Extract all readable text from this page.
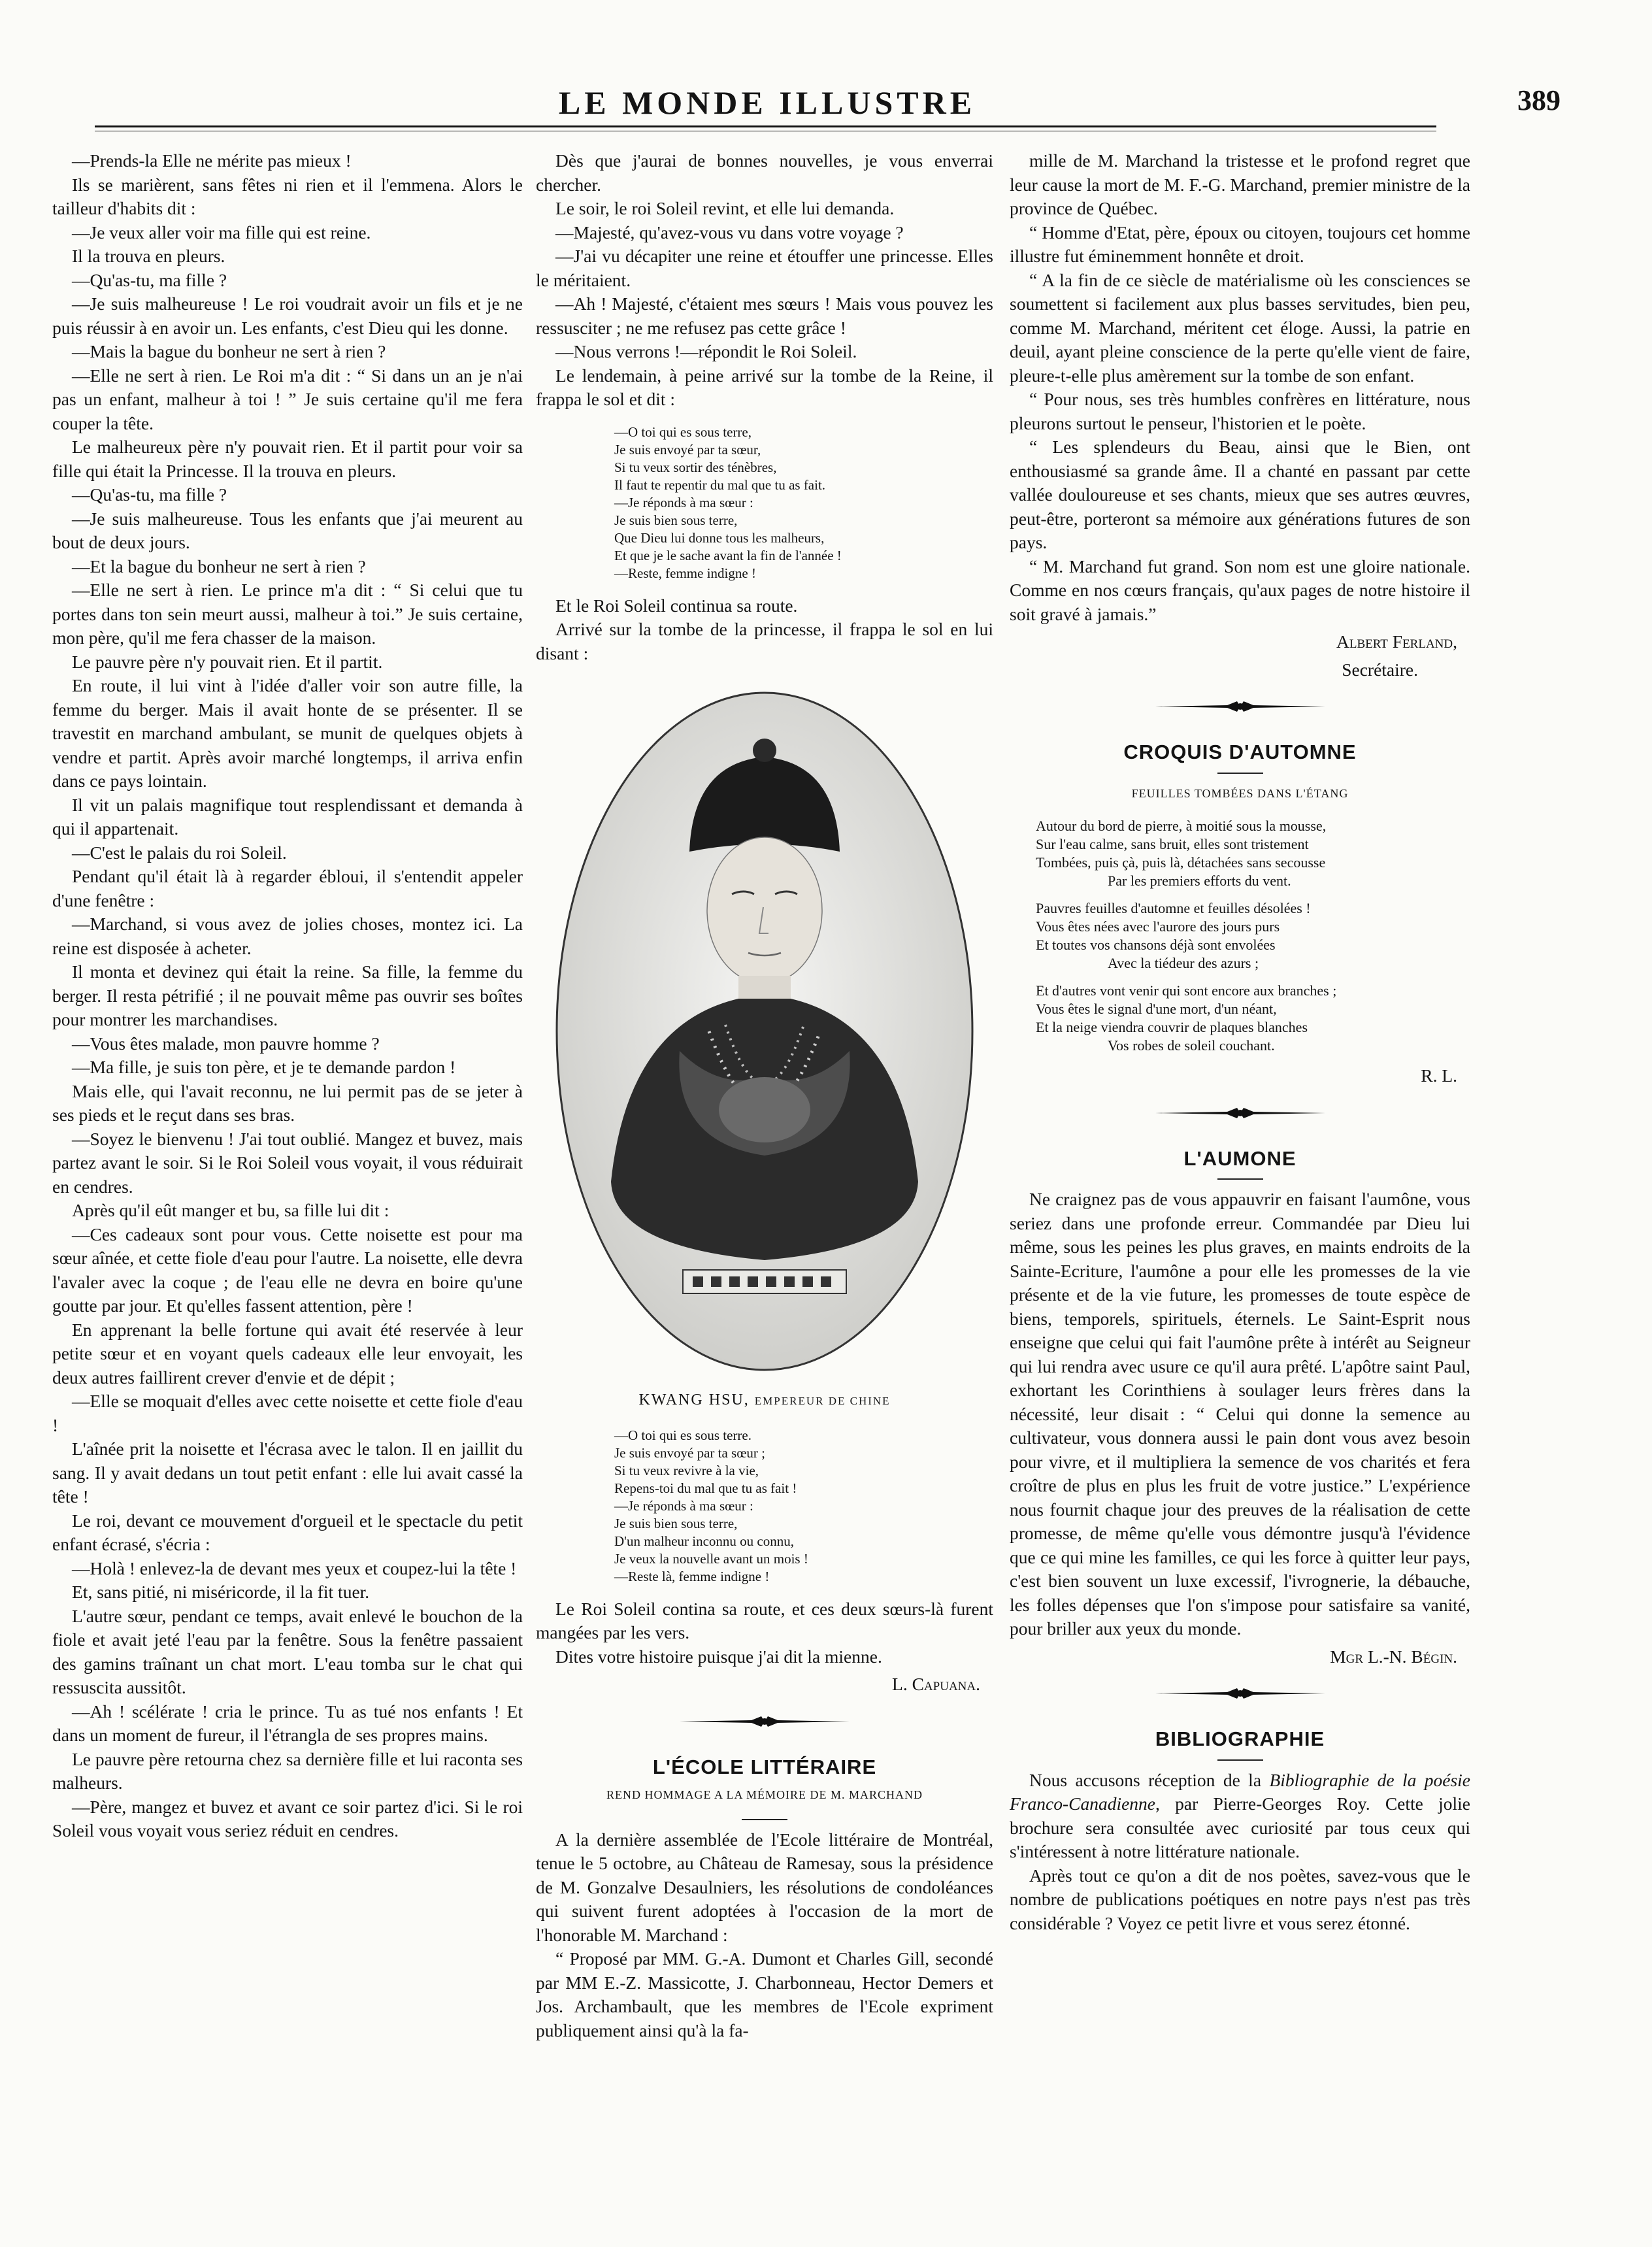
LE MONDE ILLUSTRE	389

—Prends-la Elle ne mérite pas mieux !

Ils se marièrent, sans fêtes ni rien et il l'emmena. Alors le tailleur d'habits dit :

—Je veux aller voir ma fille qui est reine.

Il la trouva en pleurs.

—Qu'as-tu, ma fille ?

—Je suis malheureuse ! Le roi voudrait avoir un fils et je ne puis réussir à en avoir un. Les enfants, c'est Dieu qui les donne.

—Mais la bague du bonheur ne sert à rien ?

—Elle ne sert à rien. Le Roi m'a dit : “ Si dans un an je n'ai pas un enfant, malheur à toi ! ” Je suis certaine qu'il me fera couper la tête.

Le malheureux père n'y pouvait rien. Et il partit pour voir sa fille qui était la Princesse. Il la trouva en pleurs.

—Qu'as-tu, ma fille ?

—Je suis malheureuse. Tous les enfants que j'ai meurent au bout de deux jours.

—Et la bague du bonheur ne sert à rien ?

—Elle ne sert à rien. Le prince m'a dit : “ Si celui que tu portes dans ton sein meurt aussi, malheur à toi.” Je suis certaine, mon père, qu'il me fera chasser de la maison.

Le pauvre père n'y pouvait rien. Et il partit.

En route, il lui vint à l'idée d'aller voir son autre fille, la femme du berger. Mais il avait honte de se présenter. Il se travestit en marchand ambulant, se munit de quelques objets à vendre et partit. Après avoir marché longtemps, il arriva enfin dans ce pays lointain.

Il vit un palais magnifique tout resplendissant et demanda à qui il appartenait.

—C'est le palais du roi Soleil.

Pendant qu'il était là à regarder ébloui, il s'entendit appeler d'une fenêtre :

—Marchand, si vous avez de jolies choses, montez ici. La reine est disposée à acheter.

Il monta et devinez qui était la reine. Sa fille, la femme du berger. Il resta pétrifié ; il ne pouvait même pas ouvrir ses boîtes pour montrer les marchandises.

—Vous êtes malade, mon pauvre homme ?

—Ma fille, je suis ton père, et je te demande pardon !

Mais elle, qui l'avait reconnu, ne lui permit pas de se jeter à ses pieds et le reçut dans ses bras.

—Soyez le bienvenu ! J'ai tout oublié. Mangez et buvez, mais partez avant le soir. Si le Roi Soleil vous voyait, il vous réduirait en cendres.

Après qu'il eût manger et bu, sa fille lui dit :

—Ces cadeaux sont pour vous. Cette noisette est pour ma sœur aînée, et cette fiole d'eau pour l'autre. La noisette, elle devra l'avaler avec la coque ; de l'eau elle ne devra en boire qu'une goutte par jour. Et qu'elles fassent attention, père !

En apprenant la belle fortune qui avait été reservée à leur petite sœur et en voyant quels cadeaux elle leur envoyait, les deux autres faillirent crever d'envie et de dépit ;

—Elle se moquait d'elles avec cette noisette et cette fiole d'eau !

L'aînée prit la noisette et l'écrasa avec le talon. Il en jaillit du sang. Il y avait dedans un tout petit enfant : elle lui avait cassé la tête !

Le roi, devant ce mouvement d'orgueil et le spectacle du petit enfant écrasé, s'écria :

—Holà ! enlevez-la de devant mes yeux et coupez-lui la tête !

Et, sans pitié, ni miséricorde, il la fit tuer.

L'autre sœur, pendant ce temps, avait enlevé le bouchon de la fiole et avait jeté l'eau par la fenêtre. Sous la fenêtre passaient des gamins traînant un chat mort. L'eau tomba sur le chat qui ressuscita aussitôt.

—Ah ! scélérate ! cria le prince. Tu as tué nos enfants ! Et dans un moment de fureur, il l'étrangla de ses propres mains.

Le pauvre père retourna chez sa dernière fille et lui raconta ses malheurs.

—Père, mangez et buvez et avant ce soir partez d'ici. Si le roi Soleil vous voyait vous seriez réduit en cendres.

Dès que j'aurai de bonnes nouvelles, je vous enverrai chercher.

Le soir, le roi Soleil revint, et elle lui demanda.

—Majesté, qu'avez-vous vu dans votre voyage ?

—J'ai vu décapiter une reine et étouffer une princesse. Elles le méritaient.

—Ah ! Majesté, c'étaient mes sœurs ! Mais vous pouvez les ressusciter ; ne me refusez pas cette grâce !

—Nous verrons !—répondit le Roi Soleil.

Le lendemain, à peine arrivé sur la tombe de la Reine, il frappa le sol et dit :

—O toi qui es sous terre,
Je suis envoyé par ta sœur,
Si tu veux sortir des ténèbres,
Il faut te repentir du mal que tu as fait.
—Je réponds à ma sœur :
Je suis bien sous terre,
Que Dieu lui donne tous les malheurs,
Et que je le sache avant la fin de l'année !
—Reste, femme indigne !

Et le Roi Soleil continua sa route.

Arrivé sur la tombe de la princesse, il frappa le sol en lui disant :

KWANG HSU, EMPEREUR DE CHINE
—O toi qui es sous terre.
Je suis envoyé par ta sœur ;
Si tu veux revivre à la vie,
Repens-toi du mal que tu as fait !
—Je réponds à ma sœur :
Je suis bien sous terre,
D'un malheur inconnu ou connu,
Je veux la nouvelle avant un mois !
—Reste là, femme indigne !

Le Roi Soleil contina sa route, et ces deux sœurs-là furent mangées par les vers.

Dites votre histoire puisque j'ai dit la mienne.

L. Capuana.
L'ÉCOLE LITTÉRAIRE
REND HOMMAGE A LA MÉMOIRE DE M. MARCHAND

A la dernière assemblée de l'Ecole littéraire de Montréal, tenue le 5 octobre, au Château de Ramesay, sous la présidence de M. Gonzalve Desaulniers, les résolutions de condoléances qui suivent furent adoptées à l'occasion de la mort de l'honorable M. Marchand :

“ Proposé par MM. G.-A. Dumont et Charles Gill, secondé par MM E.-Z. Massicotte, J. Charbonneau, Hector Demers et Jos. Archambault, que les membres de l'Ecole expriment publiquement ainsi qu'à la fa-

mille de M. Marchand la tristesse et le profond regret que leur cause la mort de M. F.-G. Marchand, premier ministre de la province de Québec.

“ Homme d'Etat, père, époux ou citoyen, toujours cet homme illustre fut éminemment honnête et droit.

“ A la fin de ce siècle de matérialisme où les consciences se soumettent si facilement aux plus basses servitudes, bien peu, comme M. Marchand, méritent cet éloge. Aussi, la patrie en deuil, ayant pleine conscience de la perte qu'elle vient de faire, pleure-t-elle plus amèrement sur la tombe de son enfant.

“ Pour nous, ses très humbles confrères en littérature, nous pleurons surtout le penseur, l'historien et le poète.

“ Les splendeurs du Beau, ainsi que le Bien, ont enthousiasmé sa grande âme. Il a chanté en passant par cette vallée douloureuse et ses chants, mieux que ses autres œuvres, peut-être, porteront sa mémoire aux générations futures de son pays.

“ M. Marchand fut grand. Son nom est une gloire nationale. Comme en nos cœurs français, qu'aux pages de notre histoire il soit gravé à jamais.”

Albert Ferland,
Secrétaire.
CROQUIS D'AUTOMNE
FEUILLES TOMBÉES DANS L'ÉTANG
Autour du bord de pierre, à moitié sous la mousse,
Sur l'eau calme, sans bruit, elles sont tristement
Tombées, puis çà, puis là, détachées sans secousse
Par les premiers efforts du vent.
Pauvres feuilles d'automne et feuilles désolées !
Vous êtes nées avec l'aurore des jours purs
Et toutes vos chansons déjà sont envolées
Avec la tiédeur des azurs ;
Et d'autres vont venir qui sont encore aux branches ;
Vous êtes le signal d'une mort, d'un néant,
Et la neige viendra couvrir de plaques blanches
Vos robes de soleil couchant.
R. L.
L'AUMONE

Ne craignez pas de vous appauvrir en faisant l'aumône, vous seriez dans une profonde erreur. Commandée par Dieu lui même, sous les peines les plus graves, en maints endroits de la Sainte-Ecriture, l'aumône a pour elle les promesses de la vie présente et de la vie future, les promesses de toute espèce de biens, temporels, spirituels, éternels. Le Saint-Esprit nous enseigne que celui qui fait l'aumône prête à intérêt au Seigneur qui lui rendra avec usure ce qu'il aura prêté. L'apôtre saint Paul, exhortant les Corinthiens à soulager leurs frères dans la nécessité, leur disait : “ Celui qui donne la semence au cultivateur, vous donnera aussi le pain dont vous avez besoin pour vivre, et il multipliera la semence de vos charités et fera croître de plus en plus les fruit de votre justice.” L'expérience nous fournit chaque jour des preuves de la réalisation de cette promesse, de même qu'elle vous démontre jusqu'à l'évidence que ce qui mine les familles, ce qui les force à quitter leur pays, c'est bien souvent un luxe excessif, l'ivrognerie, la débauche, les folles dépenses que l'on s'impose pour satisfaire sa vanité, pour briller aux yeux du monde.

Mgr L.-N. Bégin.
BIBLIOGRAPHIE

Nous accusons réception de la Bibliographie de la poésie Franco-Canadienne, par Pierre-Georges Roy. Cette jolie brochure sera consultée avec curiosité par tous ceux qui s'intéressent à notre littérature nationale.

Après tout ce qu'on a dit de nos poètes, savez-vous que le nombre de publications poétiques en notre pays n'est pas très considérable ? Voyez ce petit livre et vous serez étonné.
